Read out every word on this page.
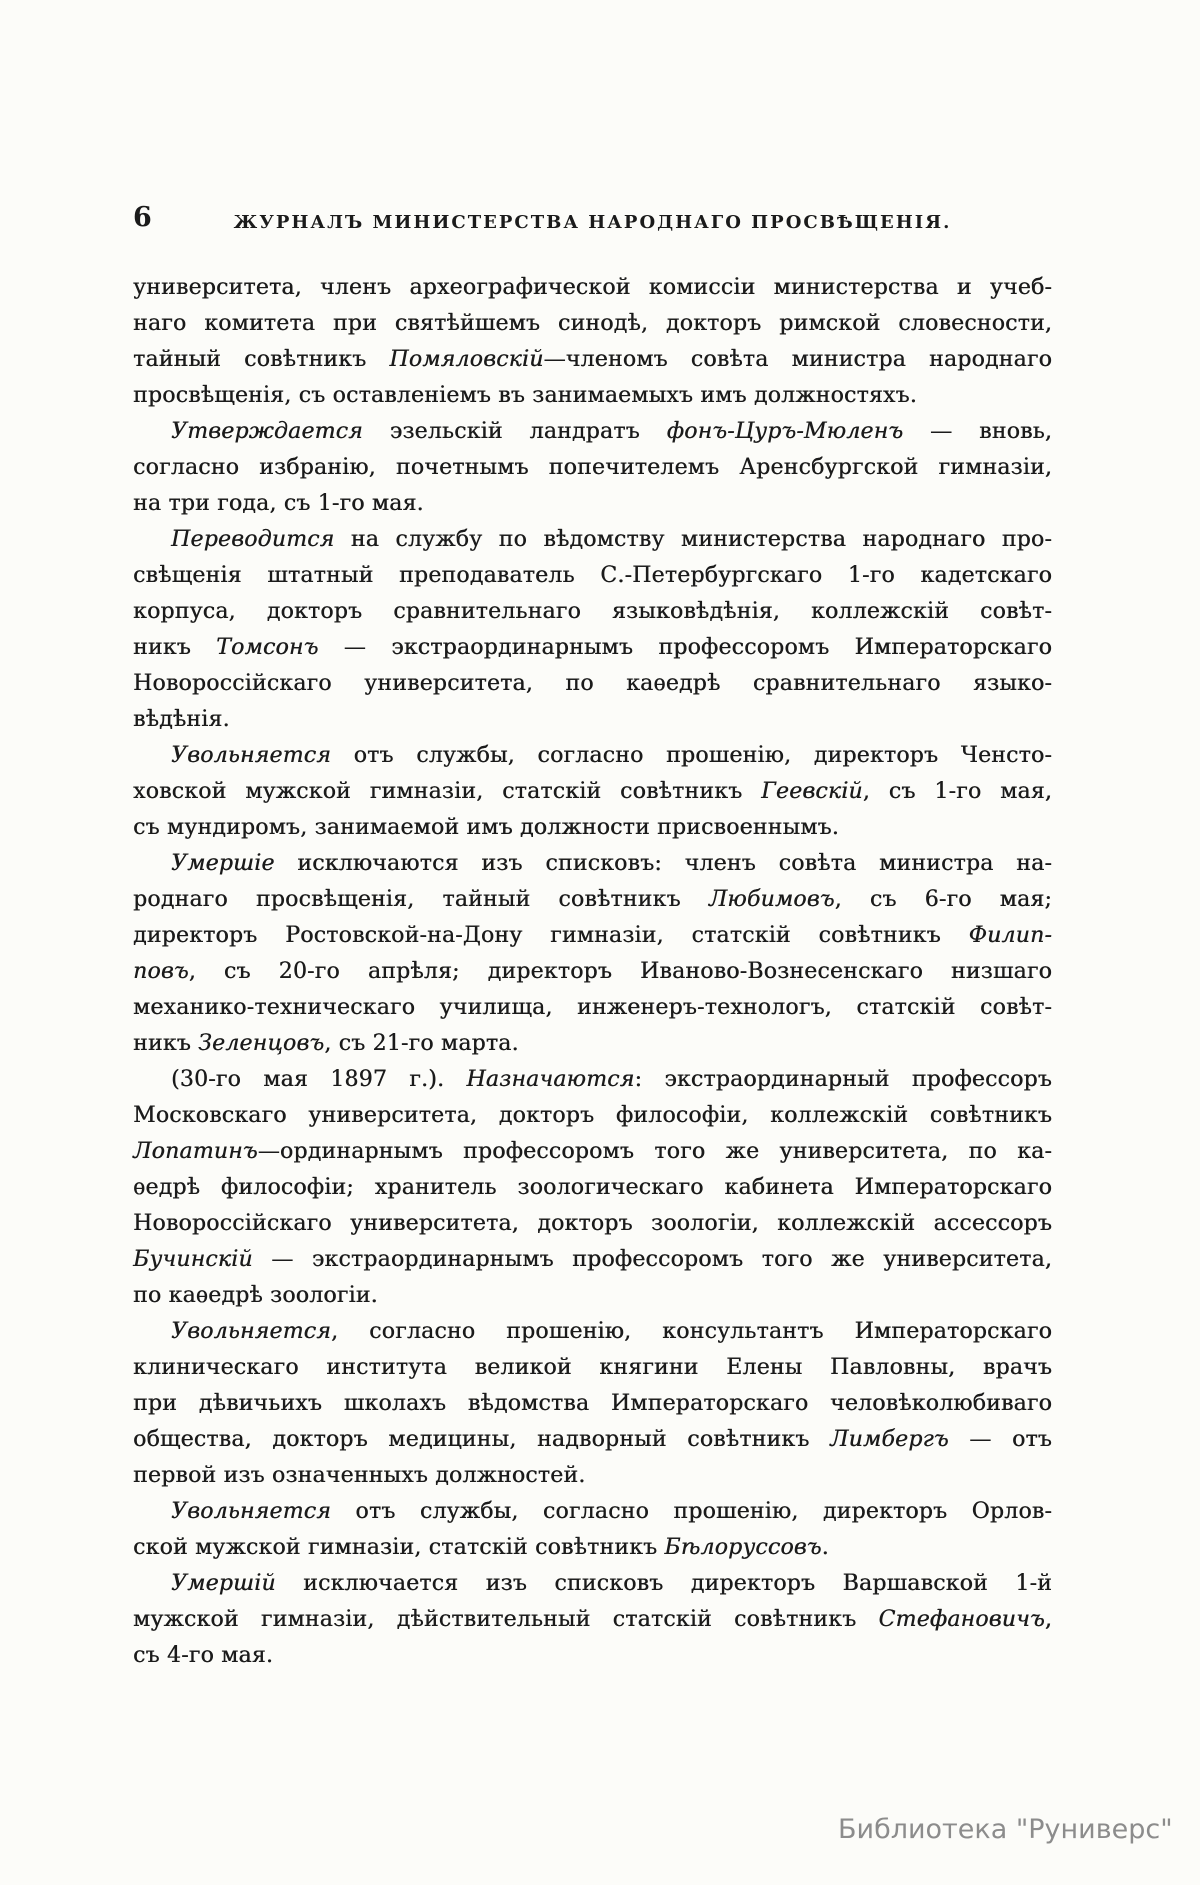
6	ЖУРНАЛЪ МИНИСТЕРСТВА НАРОДНАГО ПРОСВѢЩЕНІЯ.
университета, членъ археографической комиссіи министерства и учеб-
наго комитета при святѣйшемъ синодѣ, докторъ римской словесности,
тайный совѣтникъ Помяловскій—членомъ совѣта министра народнаго
просвѣщенія, съ оставленіемъ въ занимаемыхъ имъ должностяхъ.
Утверждается эзельскій ландратъ фонъ-Цуръ-Мюленъ — вновь,
согласно избранію, почетнымъ попечителемъ Аренсбургской гимназіи,
на три года, съ 1-го мая.
Переводится на службу по вѣдомству министерства народнаго про-
свѣщенія штатный преподаватель С.-Петербургскаго 1-го кадетскаго
корпуса, докторъ сравнительнаго языковѣдѣнія, коллежскій совѣт-
никъ Томсонъ — экстраординарнымъ профессоромъ Императорскаго
Новороссійскаго университета, по каѳедрѣ сравнительнаго языко-
вѣдѣнія.
Увольняется отъ службы, согласно прошенію, директоръ Ченсто-
ховской мужской гимназіи, статскій совѣтникъ Геевскій, съ 1-го мая,
съ мундиромъ, занимаемой имъ должности присвоеннымъ.
Умершіе исключаются изъ списковъ: членъ совѣта министра на-
роднаго просвѣщенія, тайный совѣтникъ Любимовъ, съ 6-го мая;
директоръ Ростовской-на-Дону гимназіи, статскій совѣтникъ Филип-
повъ, съ 20-го апрѣля; директоръ Иваново-Вознесенскаго низшаго
механико-техническаго училища, инженеръ-технологъ, статскій совѣт-
никъ Зеленцовъ, съ 21-го марта.
(30-го мая 1897 г.). Назначаются: экстраординарный профессоръ
Московскаго университета, докторъ философіи, коллежскій совѣтникъ
Лопатинъ—ординарнымъ профессоромъ того же университета, по ка-
ѳедрѣ философіи; хранитель зоологическаго кабинета Императорскаго
Новороссійскаго университета, докторъ зоологіи, коллежскій ассессоръ
Бучинскій — экстраординарнымъ профессоромъ того же университета,
по каѳедрѣ зоологіи.
Увольняется, согласно прошенію, консультантъ Императорскаго
клиническаго института великой княгини Елены Павловны, врачъ
при дѣвичьихъ школахъ вѣдомства Императорскаго человѣколюбиваго
общества, докторъ медицины, надворный совѣтникъ Лимбергъ — отъ
первой изъ означенныхъ должностей.
Увольняется отъ службы, согласно прошенію, директоръ Орлов-
ской мужской гимназіи, статскій совѣтникъ Бѣлоруссовъ.
Умершій исключается изъ списковъ директоръ Варшавской 1-й
мужской гимназіи, дѣйствительный статскій совѣтникъ Стефановичъ,
съ 4-го мая.
Библиотека "Руниверс"
